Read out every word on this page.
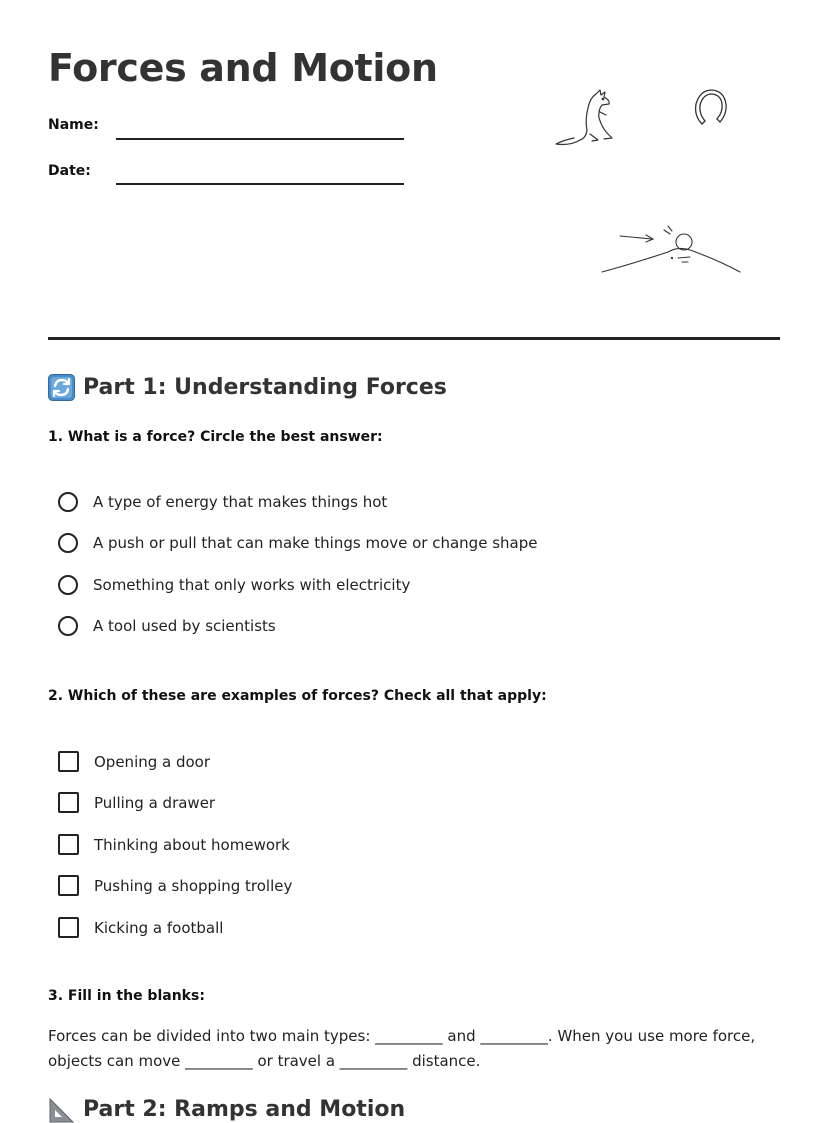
Forces and Motion
Name:
Date:
Part 1: Understanding Forces
1. What is a force? Circle the best answer:
A type of energy that makes things hot
A push or pull that can make things move or change shape
Something that only works with electricity
A tool used by scientists
2. Which of these are examples of forces? Check all that apply:
Opening a door
Pulling a drawer
Thinking about homework
Pushing a shopping trolley
Kicking a football
3. Fill in the blanks:
Forces can be divided into two main types: _________ and _________. When you use more force, objects can move _________ or travel a _________ distance.
Part 2: Ramps and Motion
